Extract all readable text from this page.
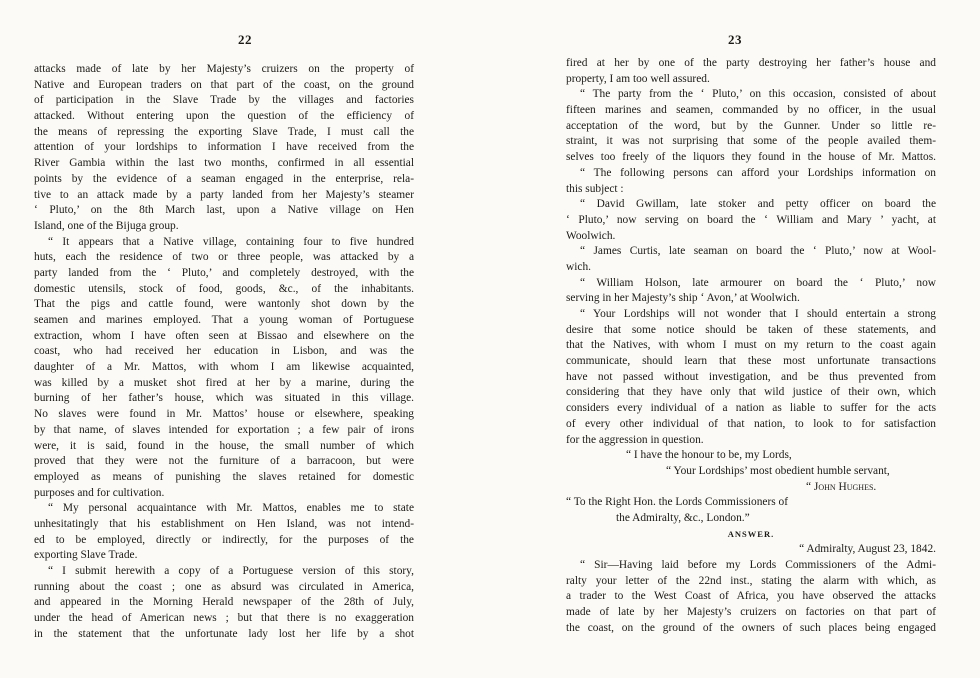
22
attacks made of late by her Majesty’s cruizers on the property of
Native and European traders on that part of the coast, on the ground
of participation in the Slave Trade by the villages and factories
attacked. Without entering upon the question of the efficiency of
the means of repressing the exporting Slave Trade, I must call the
attention of your lordships to information I have received from the
River Gambia within the last two months, confirmed in all essential
points by the evidence of a seaman engaged in the enterprise, rela-
tive to an attack made by a party landed from her Majesty’s steamer
‘ Pluto,’ on the 8th March last, upon a Native village on Hen
Island, one of the Bijuga group.
“ It appears that a Native village, containing four to five hundred
huts, each the residence of two or three people, was attacked by a
party landed from the ‘ Pluto,’ and completely destroyed, with the
domestic utensils, stock of food, goods, &c., of the inhabitants.
That the pigs and cattle found, were wantonly shot down by the
seamen and marines employed. That a young woman of Portuguese
extraction, whom I have often seen at Bissao and elsewhere on the
coast, who had received her education in Lisbon, and was the
daughter of a Mr. Mattos, with whom I am likewise acquainted,
was killed by a musket shot fired at her by a marine, during the
burning of her father’s house, which was situated in this village.
No slaves were found in Mr. Mattos’ house or elsewhere, speaking
by that name, of slaves intended for exportation ; a few pair of irons
were, it is said, found in the house, the small number of which
proved that they were not the furniture of a barracoon, but were
employed as means of punishing the slaves retained for domestic
purposes and for cultivation.
“ My personal acquaintance with Mr. Mattos, enables me to state
unhesitatingly that his establishment on Hen Island, was not intend-
ed to be employed, directly or indirectly, for the purposes of the
exporting Slave Trade.
“ I submit herewith a copy of a Portuguese version of this story,
running about the coast ; one as absurd was circulated in America,
and appeared in the Morning Herald newspaper of the 28th of July,
under the head of American news ; but that there is no exaggeration
in the statement that the unfortunate lady lost her life by a shot
23
fired at her by one of the party destroying her father’s house and
property, I am too well assured.
“ The party from the ‘ Pluto,’ on this occasion, consisted of about
fifteen marines and seamen, commanded by no officer, in the usual
acceptation of the word, but by the Gunner. Under so little re-
straint, it was not surprising that some of the people availed them-
selves too freely of the liquors they found in the house of Mr. Mattos.
“ The following persons can afford your Lordships information on
this subject :
“ David Gwillam, late stoker and petty officer on board the
‘ Pluto,’ now serving on board the ‘ William and Mary ’ yacht, at
Woolwich.
“ James Curtis, late seaman on board the ‘ Pluto,’ now at Wool-
wich.
“ William Holson, late armourer on board the ‘ Pluto,’ now
serving in her Majesty’s ship ‘ Avon,’ at Woolwich.
“ Your Lordships will not wonder that I should entertain a strong
desire that some notice should be taken of these statements, and
that the Natives, with whom I must on my return to the coast again
communicate, should learn that these most unfortunate transactions
have not passed without investigation, and be thus prevented from
considering that they have only that wild justice of their own, which
considers every individual of a nation as liable to suffer for the acts
of every other individual of that nation, to look to for satisfaction
for the aggression in question.
“ I have the honour to be, my Lords,
“ Your Lordships’ most obedient humble servant,
“ John Hughes.
“ To the Right Hon. the Lords Commissioners of
the Admiralty, &c., London.”
ANSWER.
“ Admiralty, August 23, 1842.
“ Sir—Having laid before my Lords Commissioners of the Admi-
ralty your letter of the 22nd inst., stating the alarm with which, as
a trader to the West Coast of Africa, you have observed the attacks
made of late by her Majesty’s cruizers on factories on that part of
the coast, on the ground of the owners of such places being engaged
